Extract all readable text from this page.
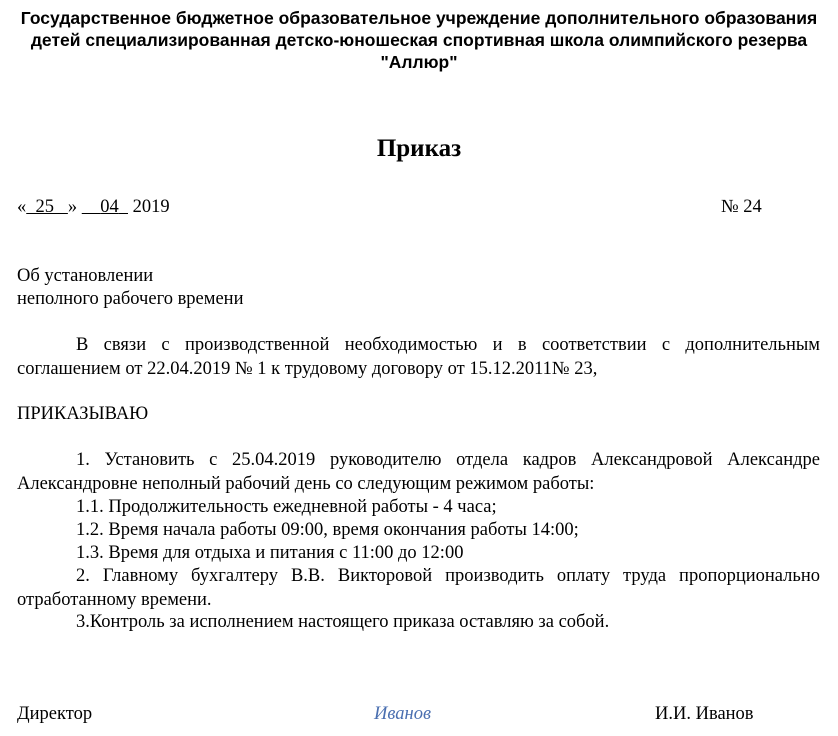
Государственное бюджетное образовательное учреждение дополнительного образования
детей специализированная детско-юношеская спортивная школа олимпийского резерва
"Аллюр"
Приказ
« 25 » 04 2019	№ 24
Об установлении
неполного рабочего времени
В связи с производственной необходимостью и в соответствии с дополнительным соглашением от 22.04.2019 № 1 к трудовому договору от 15.12.2011№ 23,
ПРИКАЗЫВАЮ
1. Установить с 25.04.2019 руководителю отдела кадров Александровой Александре Александровне неполный рабочий день со следующим режимом работы:
1.1. Продолжительность ежедневной работы - 4 часа;
1.2. Время начала работы 09:00, время окончания работы 14:00;
1.3. Время для отдыха и питания с 11:00 до 12:00
2. Главному бухгалтеру В.В. Викторовой производить оплату труда пропорционально отработанному времени.
3.Контроль за исполнением настоящего приказа оставляю за собой.
Директор	Иванов	И.И. Иванов
